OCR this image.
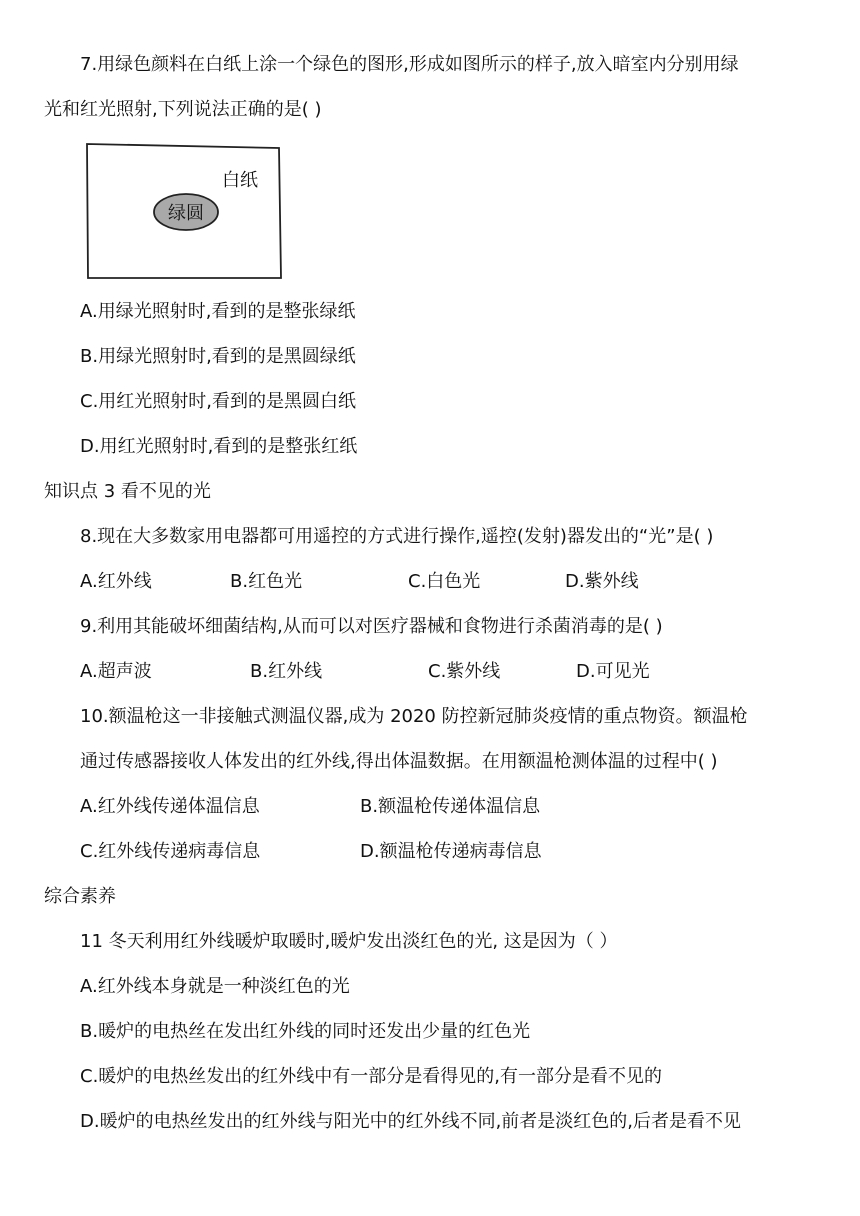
7.用绿色颜料在白纸上涂一个绿色的图形,形成如图所示的样子,放入暗室内分别用绿
光和红光照射,下列说法正确的是( )
白纸
绿圆
A.用绿光照射时,看到的是整张绿纸
B.用绿光照射时,看到的是黑圆绿纸
C.用红光照射时,看到的是黑圆白纸
D.用红光照射时,看到的是整张红纸
知识点 3 看不见的光
8.现在大多数家用电器都可用遥控的方式进行操作,遥控(发射)器发出的“光”是( )
A.红外线	B.红色光	C.白色光	D.紫外线
9.利用其能破坏细菌结构,从而可以对医疗器械和食物进行杀菌消毒的是( )
A.超声波	B.红外线	C.紫外线	D.可见光
10.额温枪这一非接触式测温仪器,成为 2020 防控新冠肺炎疫情的重点物资。额温枪
通过传感器接收人体发出的红外线,得出体温数据。在用额温枪测体温的过程中( )
A.红外线传递体温信息	B.额温枪传递体温信息
C.红外线传递病毒信息	D.额温枪传递病毒信息
综合素养
11 冬天利用红外线暖炉取暖时,暖炉发出淡红色的光, 这是因为（ ）
A.红外线本身就是一种淡红色的光
B.暖炉的电热丝在发出红外线的同时还发出少量的红色光
C.暖炉的电热丝发出的红外线中有一部分是看得见的,有一部分是看不见的
D.暖炉的电热丝发出的红外线与阳光中的红外线不同,前者是淡红色的,后者是看不见
